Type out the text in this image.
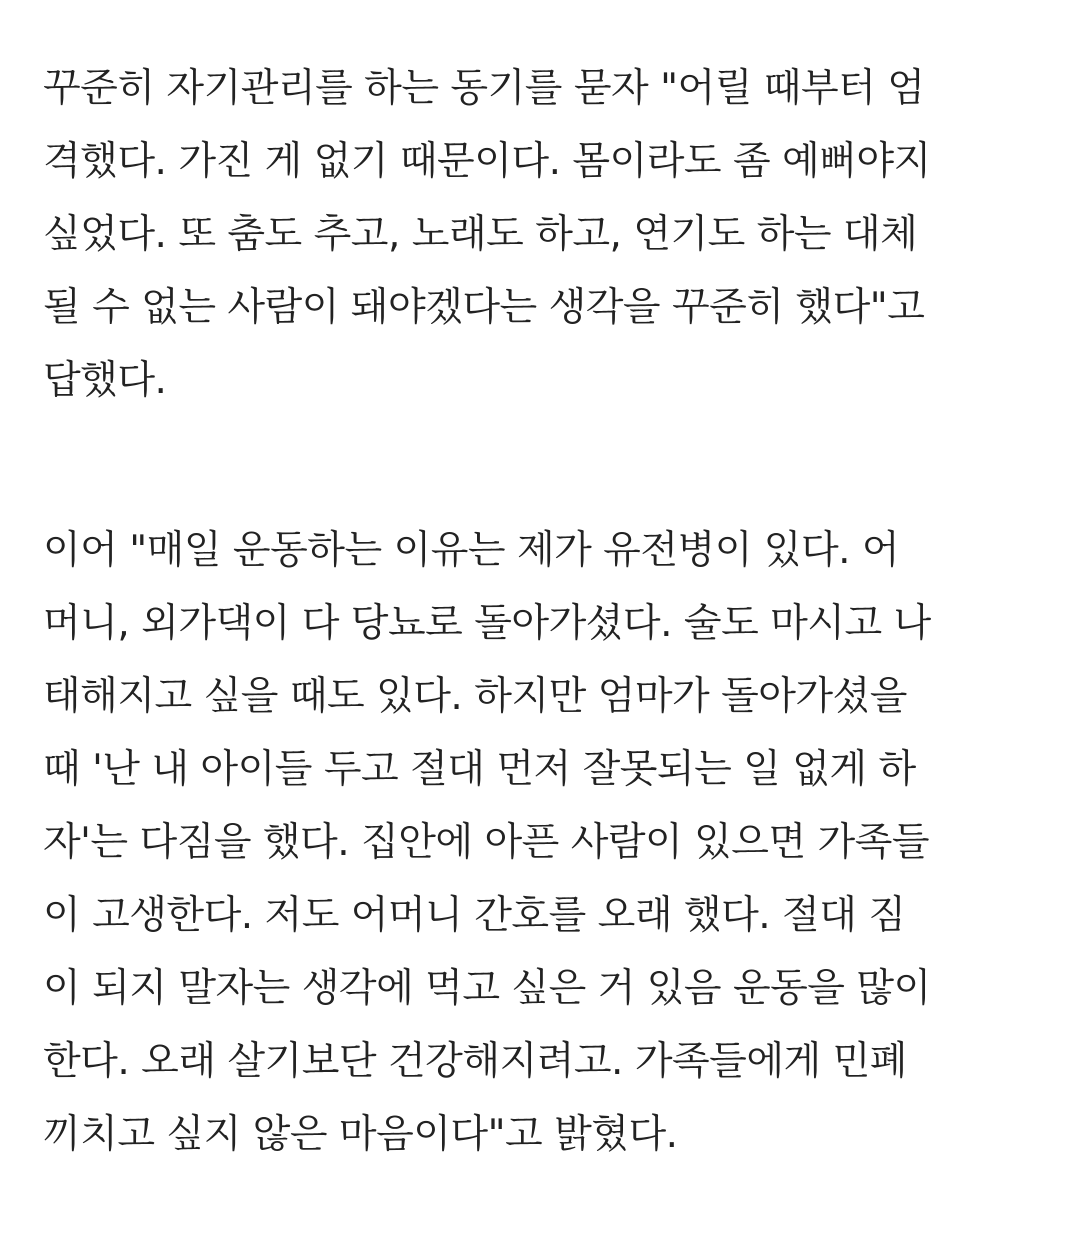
꾸준히 자기관리를 하는 동기를 묻자 "어릴 때부터 엄
격했다. 가진 게 없기 때문이다. 몸이라도 좀 예뻐야지
싶었다. 또 춤도 추고, 노래도 하고, 연기도 하는 대체
될 수 없는 사람이 돼야겠다는 생각을 꾸준히 했다"고
답했다.

이어 "매일 운동하는 이유는 제가 유전병이 있다. 어
머니, 외가댁이 다 당뇨로 돌아가셨다. 술도 마시고 나
태해지고 싶을 때도 있다. 하지만 엄마가 돌아가셨을
때 '난 내 아이들 두고 절대 먼저 잘못되는 일 없게 하
자'는 다짐을 했다. 집안에 아픈 사람이 있으면 가족들
이 고생한다. 저도 어머니 간호를 오래 했다. 절대 짐
이 되지 말자는 생각에 먹고 싶은 거 있음 운동을 많이
한다. 오래 살기보단 건강해지려고. 가족들에게 민폐
끼치고 싶지 않은 마음이다"고 밝혔다.
